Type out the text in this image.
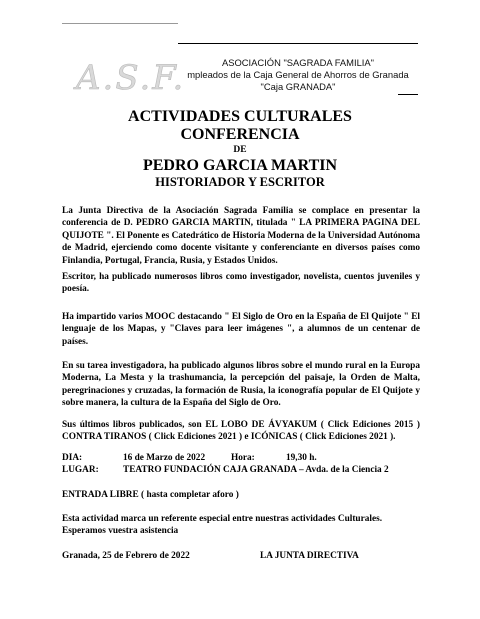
A.S.F.	ASOCIACIÓN "SAGRADA FAMILIA"
mpleados de la Caja General de Ahorros de Granada
"Caja GRANADA"
ACTIVIDADES CULTURALES
CONFERENCIA
DE
PEDRO GARCIA MARTIN
HISTORIADOR Y ESCRITOR

La Junta Directiva de la Asociación Sagrada Familia se complace en presentar la conferencia de D. PEDRO GARCIA MARTIN, titulada " LA PRIMERA PAGINA DEL QUIJOTE ". El Ponente es Catedrático de Historia Moderna de la Universidad Autónoma de Madrid, ejerciendo como docente visitante y conferenciante en diversos países como Finlandia, Portugal, Francia, Rusia, y Estados Unidos.

Escritor, ha publicado numerosos libros como investigador, novelista, cuentos juveniles y poesía.

Ha impartido varios MOOC destacando " El Siglo de Oro en la España de El Quijote " El lenguaje de los Mapas, y "Claves para leer imágenes ", a alumnos de un centenar de países.

En su tarea investigadora, ha publicado algunos libros sobre el mundo rural en la Europa Moderna, La Mesta y la trashumancia, la percepción del paisaje, la Orden de Malta, peregrinaciones y cruzadas, la formación de Rusia, la iconografía popular de El Quijote y sobre manera, la cultura de la España del Siglo de Oro.

Sus últimos libros publicados, son EL LOBO DE ÁVYAKUM ( Click Ediciones 2015 ) CONTRA TIRANOS ( Click Ediciones 2021 ) e ICÓNICAS ( Click Ediciones 2021 ).

DIA:	16 de Marzo de 2022	Hora:	19,30 h.
LUGAR:	TEATRO FUNDACIÓN CAJA GRANADA – Avda. de la Ciencia 2
ENTRADA LIBRE ( hasta completar aforo )
Esta actividad marca un referente especial entre nuestras actividades Culturales.
Esperamos vuestra asistencia
Granada, 25 de Febrero de 2022	LA JUNTA DIRECTIVA
